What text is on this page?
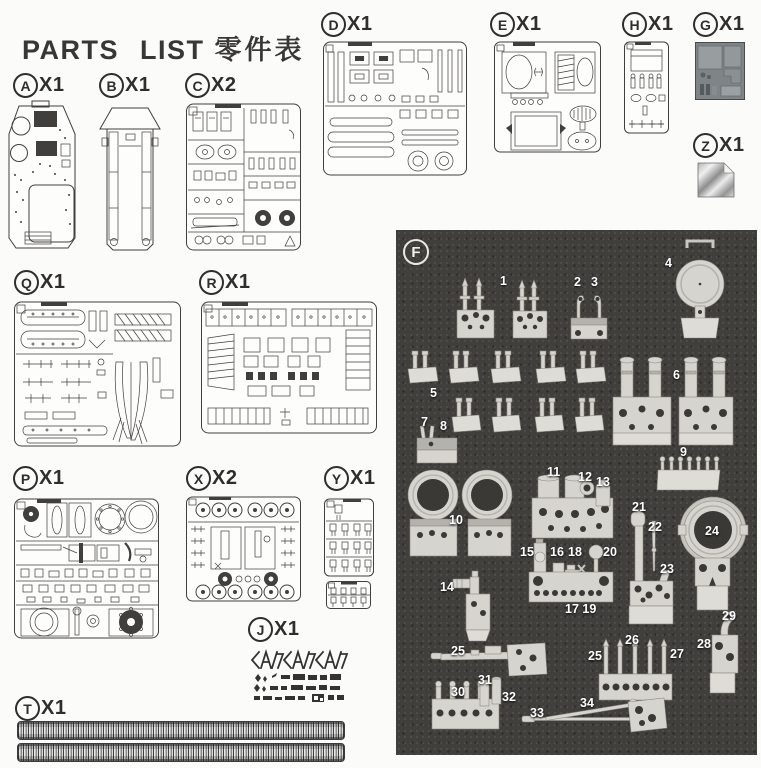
PARTS LIST 零件表
A X1	B X1	C X2
D X1	E X1	H X1	G X1
Z X1
Q X1	R X1
P X1	X X2	Y X1
J X1
T X1
F
1	2 3
4
5
6
7 8
9
10
11 12 13
14
15 16 18 20
17 19
21
22
23
24
25
26
25	27
28
29
30
31
32
33
34
